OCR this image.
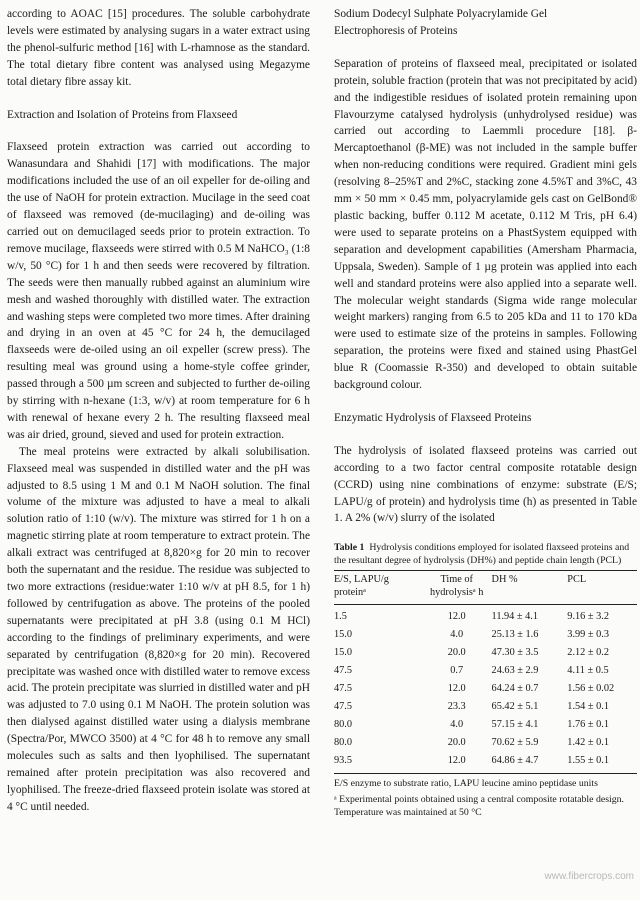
according to AOAC [15] procedures. The soluble carbohydrate levels were estimated by analysing sugars in a water extract using the phenol-sulfuric method [16] with L-rhamnose as the standard. The total dietary fibre content was analysed using Megazyme total dietary fibre assay kit.

Extraction and Isolation of Proteins from Flaxseed

Flaxseed protein extraction was carried out according to Wanasundara and Shahidi [17] with modifications. The major modifications included the use of an oil expeller for de-oiling and the use of NaOH for protein extraction. Mucilage in the seed coat of flaxseed was removed (de-mucilaging) and de-oiling was carried out on demucilaged seeds prior to protein extraction. To remove mucilage, flaxseeds were stirred with 0.5 M NaHCO₃ (1:8 w/v, 50 °C) for 1 h and then seeds were recovered by filtration. The seeds were then manually rubbed against an aluminium wire mesh and washed thoroughly with distilled water. The extraction and washing steps were completed two more times. After draining and drying in an oven at 45 °C for 24 h, the demucilaged flaxseeds were de-oiled using an oil expeller (screw press). The resulting meal was ground using a home-style coffee grinder, passed through a 500 µm screen and subjected to further de-oiling by stirring with n-hexane (1:3, w/v) at room temperature for 6 h with renewal of hexane every 2 h. The resulting flaxseed meal was air dried, ground, sieved and used for protein extraction.

The meal proteins were extracted by alkali solubilisation. Flaxseed meal was suspended in distilled water and the pH was adjusted to 8.5 using 1 M and 0.1 M NaOH solution. The final volume of the mixture was adjusted to have a meal to alkali solution ratio of 1:10 (w/v). The mixture was stirred for 1 h on a magnetic stirring plate at room temperature to extract protein. The alkali extract was centrifuged at 8,820×g for 20 min to recover both the supernatant and the residue. The residue was subjected to two more extractions (residue:water 1:10 w/v at pH 8.5, for 1 h) followed by centrifugation as above. The proteins of the pooled supernatants were precipitated at pH 3.8 (using 0.1 M HCl) according to the findings of preliminary experiments, and were separated by centrifugation (8,820×g for 20 min). Recovered precipitate was washed once with distilled water to remove excess acid. The protein precipitate was slurried in distilled water and pH was adjusted to 7.0 using 0.1 M NaOH. The protein solution was then dialysed against distilled water using a dialysis membrane (Spectra/Por, MWCO 3500) at 4 °C for 48 h to remove any small molecules such as salts and then lyophilised. The supernatant remained after protein precipitation was also recovered and lyophilised. The freeze-dried flaxseed protein isolate was stored at 4 °C until needed.

Sodium Dodecyl Sulphate Polyacrylamide Gel
Electrophoresis of Proteins

Separation of proteins of flaxseed meal, precipitated or isolated protein, soluble fraction (protein that was not precipitated by acid) and the indigestible residues of isolated protein remaining upon Flavourzyme catalysed hydrolysis (unhydrolysed residue) was carried out according to Laemmli procedure [18]. β-Mercaptoethanol (β-ME) was not included in the sample buffer when non-reducing conditions were required. Gradient mini gels (resolving 8–25%T and 2%C, stacking zone 4.5%T and 3%C, 43 mm × 50 mm × 0.45 mm, polyacrylamide gels cast on GelBond® plastic backing, buffer 0.112 M acetate, 0.112 M Tris, pH 6.4) were used to separate proteins on a PhastSystem equipped with separation and development capabilities (Amersham Pharmacia, Uppsala, Sweden). Sample of 1 µg protein was applied into each well and standard proteins were also applied into a separate well. The molecular weight standards (Sigma wide range molecular weight markers) ranging from 6.5 to 205 kDa and 11 to 170 kDa were used to estimate size of the proteins in samples. Following separation, the proteins were fixed and stained using PhastGel blue R (Coomassie R-350) and developed to obtain suitable background colour.

Enzymatic Hydrolysis of Flaxseed Proteins

The hydrolysis of isolated flaxseed proteins was carried out according to a two factor central composite rotatable design (CCRD) using nine combinations of enzyme: substrate (E/S; LAPU/g of protein) and hydrolysis time (h) as presented in Table 1. A 2% (w/v) slurry of the isolated

Table 1 Hydrolysis conditions employed for isolated flaxseed proteins and the resultant degree of hydrolysis (DH%) and peptide chain length (PCL)
E/S, LAPU/g proteinᵃ	Time of hydrolysisᵃ h	DH %	PCL

1.5	12.0	11.94 ± 4.1	9.16 ± 3.2
15.0	4.0	25.13 ± 1.6	3.99 ± 0.3
15.0	20.0	47.30 ± 3.5	2.12 ± 0.2
47.5	0.7	24.63 ± 2.9	4.11 ± 0.5
47.5	12.0	64.24 ± 0.7	1.56 ± 0.02
47.5	23.3	65.42 ± 5.1	1.54 ± 0.1
80.0	4.0	57.15 ± 4.1	1.76 ± 0.1
80.0	20.0	70.62 ± 5.9	1.42 ± 0.1
93.5	12.0	64.86 ± 4.7	1.55 ± 0.1
E/S enzyme to substrate ratio, LAPU leucine amino peptidase units
ᵃ Experimental points obtained using a central composite rotatable design. Temperature was maintained at 50 °C
www.fibercrops.com
